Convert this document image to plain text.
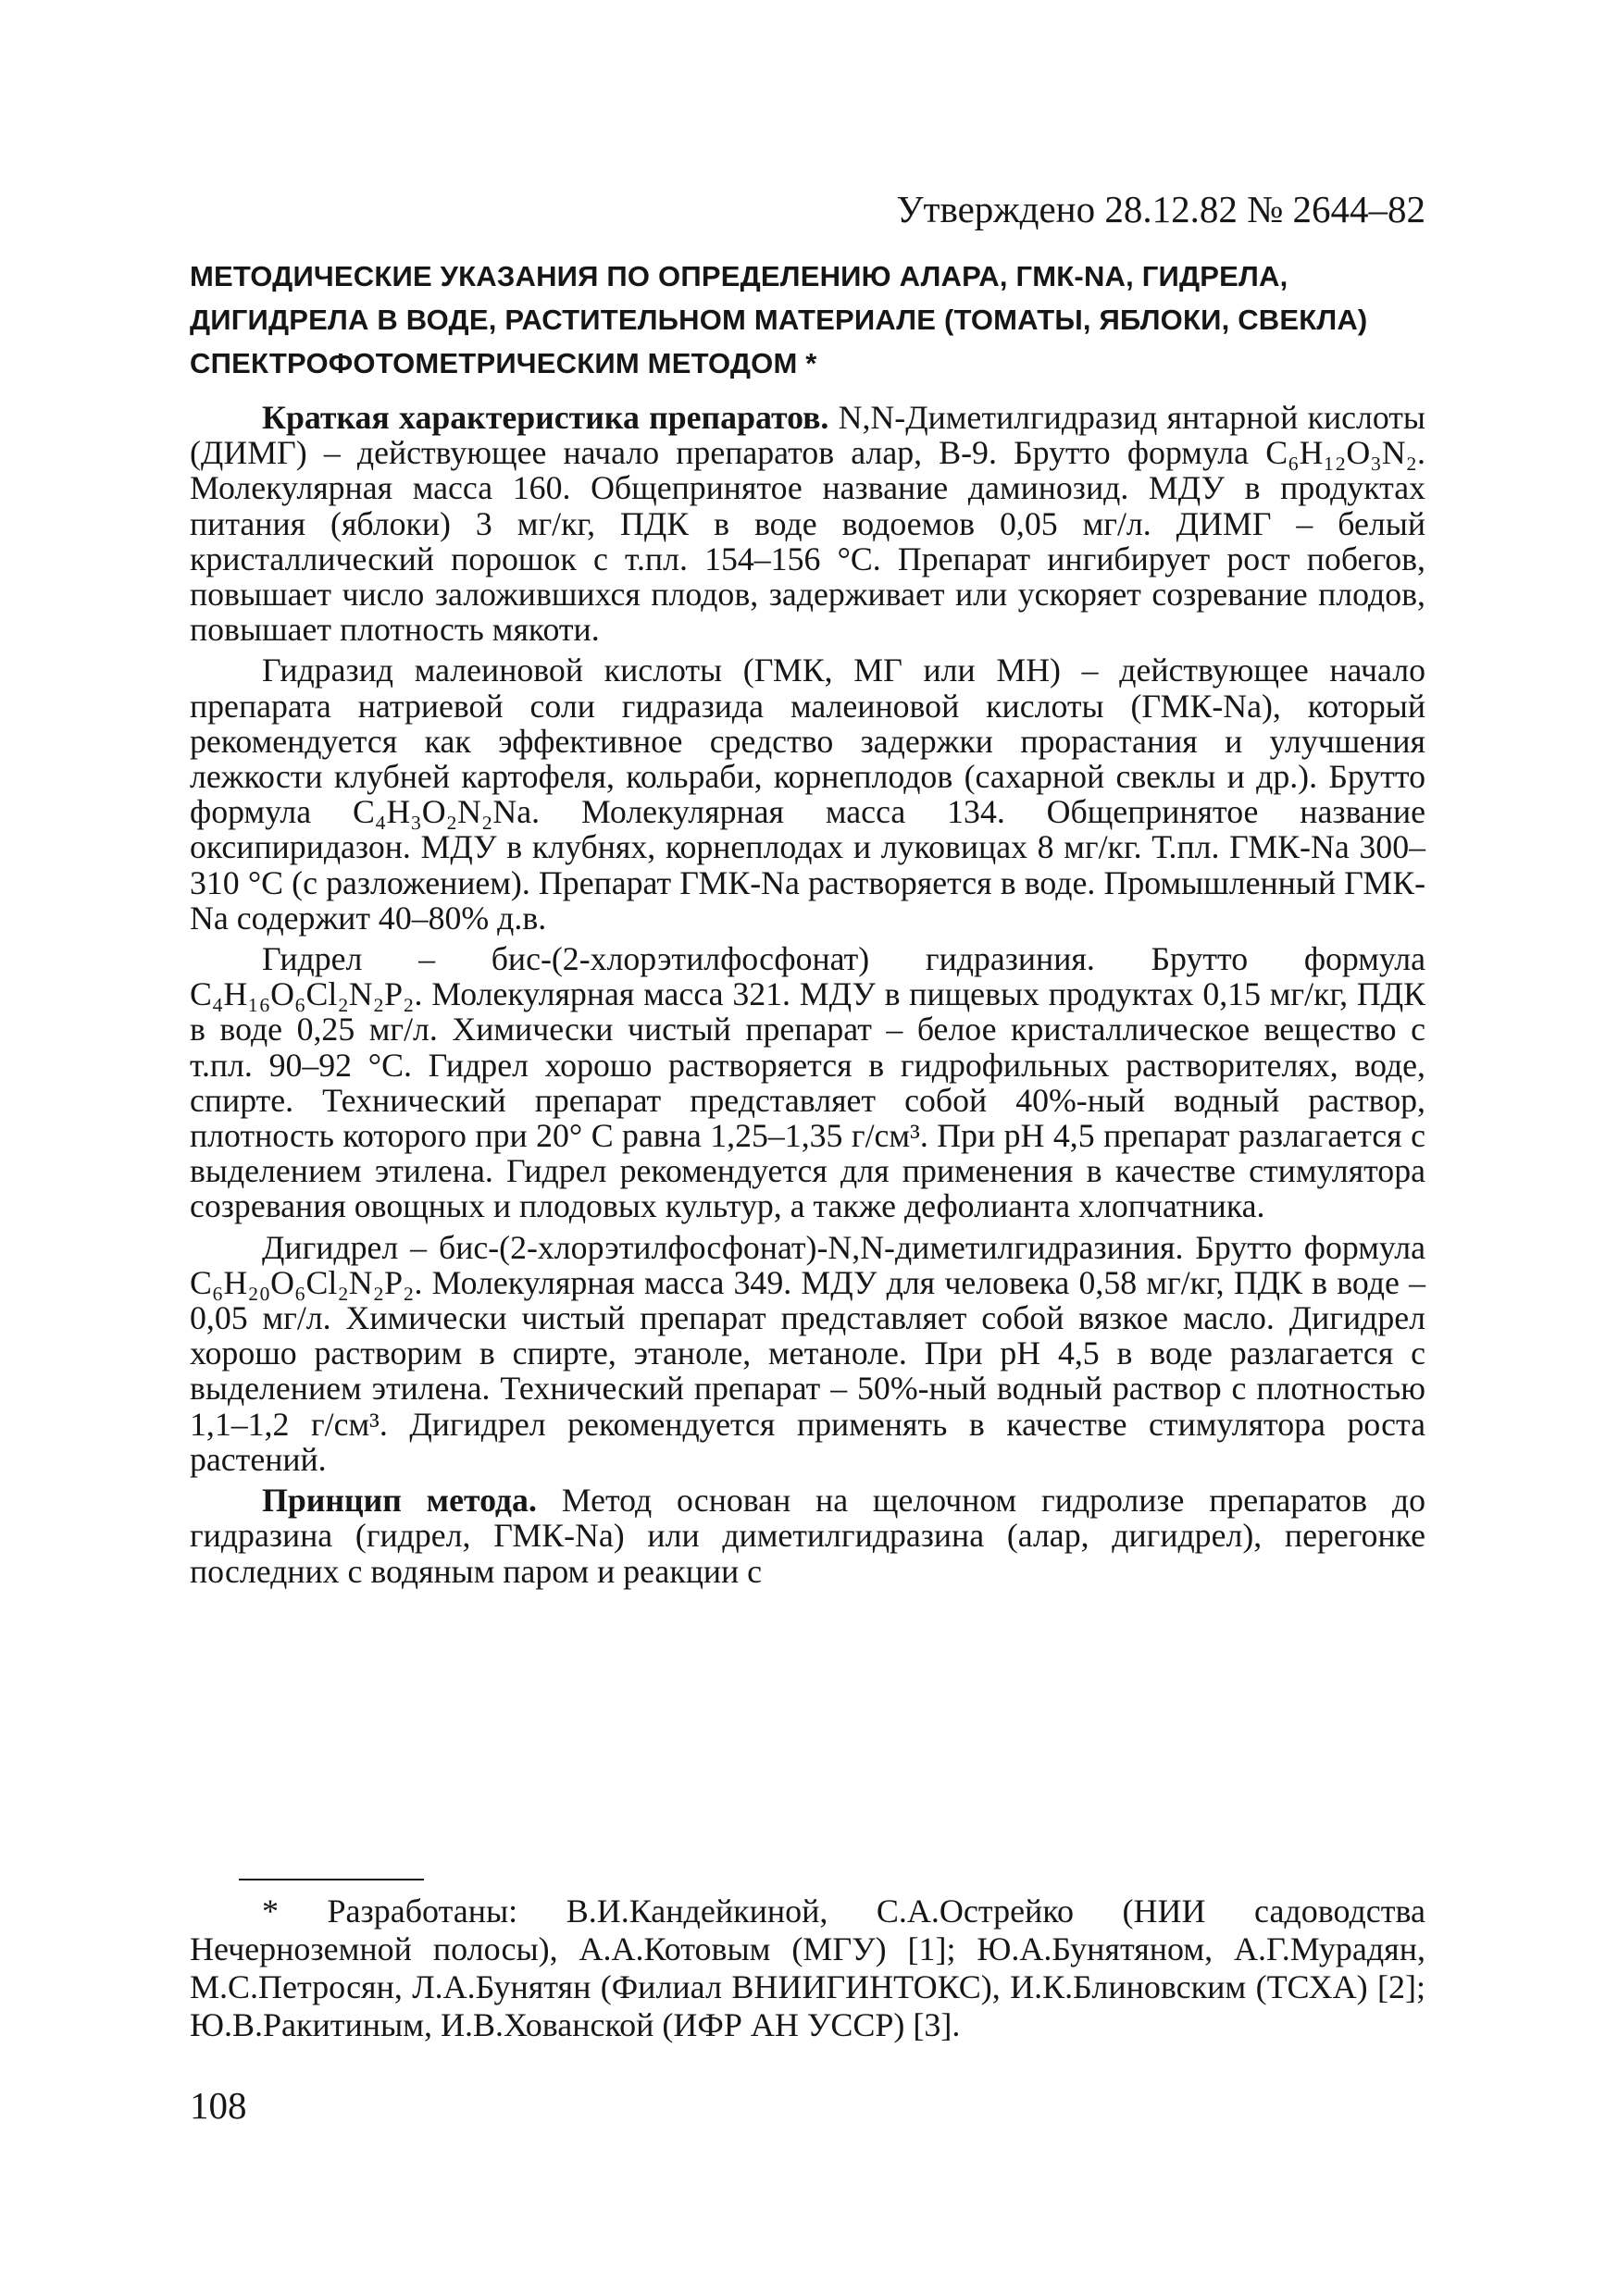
Утверждено 28.12.82 № 2644–82
МЕТОДИЧЕСКИЕ УКАЗАНИЯ ПО ОПРЕДЕЛЕНИЮ АЛАРА, ГМК-NA, ГИДРЕЛА, ДИГИДРЕЛА В ВОДЕ, РАСТИТЕЛЬНОМ МАТЕРИАЛЕ (ТОМАТЫ, ЯБЛОКИ, СВЕКЛА) СПЕКТРОФОТОМЕТРИЧЕСКИМ МЕТОДОМ *

Краткая характеристика препаратов. N,N-Диметилгидразид янтарной кислоты (ДИМГ) – действующее начало препаратов алар, В-9. Брутто формула C₆H₁₂O₃N₂. Молекулярная масса 160. Общепринятое название даминозид. МДУ в продуктах питания (яблоки) 3 мг/кг, ПДК в воде водоемов 0,05 мг/л. ДИМГ – белый кристаллический порошок с т.пл. 154–156 °С. Препарат ингибирует рост побегов, повышает число заложившихся плодов, задерживает или ускоряет созревание плодов, повышает плотность мякоти.

Гидразид малеиновой кислоты (ГМК, МГ или МН) – действующее начало препарата натриевой соли гидразида малеиновой кислоты (ГМК-Na), который рекомендуется как эффективное средство задержки прорастания и улучшения лежкости клубней картофеля, кольраби, корнеплодов (сахарной свеклы и др.). Брутто формула C₄H₃O₂N₂Na. Молекулярная масса 134. Общепринятое название оксипиридазон. МДУ в клубнях, корнеплодах и луковицах 8 мг/кг. Т.пл. ГМК-Na 300–310 °С (с разложением). Препарат ГМК-Na растворяется в воде. Промышленный ГМК-Na содержит 40–80% д.в.

Гидрел – бис-(2-хлорэтилфосфонат) гидразиния. Брутто формула C₄H₁₆O₆Cl₂N₂P₂. Молекулярная масса 321. МДУ в пищевых продуктах 0,15 мг/кг, ПДК в воде 0,25 мг/л. Химически чистый препарат – белое кристаллическое вещество с т.пл. 90–92 °С. Гидрел хорошо растворяется в гидрофильных растворителях, воде, спирте. Технический препарат представляет собой 40%-ный водный раствор, плотность которого при 20° С равна 1,25–1,35 г/см³. При pH 4,5 препарат разлагается с выделением этилена. Гидрел рекомендуется для применения в качестве стимулятора созревания овощных и плодовых культур, а также дефолианта хлопчатника.

Дигидрел – бис-(2-хлорэтилфосфонат)-N,N-диметилгидразиния. Брутто формула C₆H₂₀O₆Cl₂N₂P₂. Молекулярная масса 349. МДУ для человека 0,58 мг/кг, ПДК в воде – 0,05 мг/л. Химически чистый препарат представляет собой вязкое масло. Дигидрел хорошо растворим в спирте, этаноле, метаноле. При pH 4,5 в воде разлагается с выделением этилена. Технический препарат – 50%-ный водный раствор с плотностью 1,1–1,2 г/см³. Дигидрел рекомендуется применять в качестве стимулятора роста растений.

Принцип метода. Метод основан на щелочном гидролизе препаратов до гидразина (гидрел, ГМК-Na) или диметилгидразина (алар, дигидрел), перегонке последних с водяным паром и реакции с

* Разработаны: В.И.Кандейкиной, С.А.Острейко (НИИ садоводства Нечерноземной полосы), А.А.Котовым (МГУ) [1]; Ю.А.Бунятяном, А.Г.Мурадян, М.С.Петросян, Л.А.Бунятян (Филиал ВНИИГИНТОКС), И.К.Блиновским (ТСХА) [2]; Ю.В.Ракитиным, И.В.Хованской (ИФР АН УССР) [3].
108
